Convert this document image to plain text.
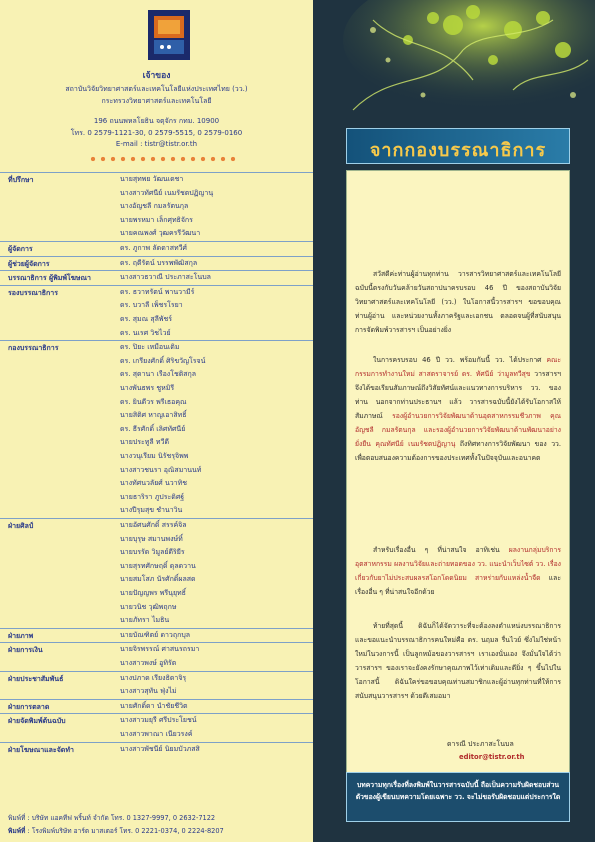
เจ้าของ
สถาบันวิจัยวิทยาศาสตร์และเทคโนโลยีแห่งประเทศไทย (วว.)
กระทรวงวิทยาศาสตร์และเทคโนโลยี
196 ถนนพหลโยธิน จตุจักร กทม. 10900
โทร. 0 2579-1121-30, 0 2579-5515, 0 2579-0160
E-mail : tistr@tistr.or.th
ที่ปรึกษา	นายสุทพย วัฒนเดชา
นางสาวทัศนีย์ เนมรัชตปฏิญานุ
นางอัญชลี กมลรัตนกุล
นายพรหมา เล็กศุทธิจักร
นายคณพงศ์ วุฒครรีวัฒนา
ผู้จัดการ	ดร. ภูกาพ ลัดดาสทวีศ์
ผู้ช่วยผู้จัดการ	ดร. ฤดีรัตน์ บรรพพัฒิสกุล
บรรณาธิการ ผู้พิมพ์โฆษณา	นางสาวธวาณี ประภาสะโนบล
รองบรรณาธิการ	ดร. ธวาทรัตน์ พานวามีร์
ดร. บวาลี เพ็ชรโรยา
ดร. สุมณ สุลีพัชร์
ดร. นเรศ วิชไวย์
กองบรรณาธิการ	ดร. ปิยะ เหมือนเติม
ดร. เกรียงศักดิ์ ศิริขวัญโรจน์
ดร. สุดานา เรืองโชติสกุล
นางพันธพร ชูหมิรี
ดร. ยินดีวร พรีเธอคุณ
นายสิติศ หาญเอาสิทธิ์
ดร. ธีรศักดิ์ เลิศทัศนีย์
นายประทูลี ทวีดี
นางวนุเรียม นิรัชรุจิพพ
นางสาวชนรา อุณิสมานนท์
นางทัศนวลัยศ์ นวาทิช
นายธาริรา ภูประดิศฐ์
นางปีรุมสุข ชำนาวิน
ฝ่ายศิลป์	นายอัศนศักดิ์ สรรค์จิล
นายบุรุษ สมานพงษ์ทิ์
นายบรรัด วิมูลย์ดีริยีร
นายสุรทศักษฤดิ์ ดุลดวาน
นายสมโสภ นัรศักดิ์ผลสด
นายปัญญพร พรีนุยุทธิ์
นายวนิช วุฒิพฤกษ
นายภัทรา ไมธิน
ฝ่ายภาพ	นายบัณฑิตย์ ดาวถุกบุล
ฝ่ายการเงิน	นายจิรพรรณ์ ศาสนรถรมา
นางสาวพงษ์ อูทิรัต
ฝ่ายประชาสัมพันธ์	นางปภาด เรียงธิดาจิรุ
นางสาวสุทัน ฟุ่งไม่
ฝ่ายการตลาด	นายศักดิ์ดา นำชัยชีวิต
ฝ่ายจัดพิมพ์ต้นฉบับ	นางสาวมยุรี ศรีประโยชน์
นางสาวพาณา เนียวรงค์
ฝ่ายโฆษณาและจัดทำ	นางสาวพัชนีย์ นิยมบัวภสสิ
พิมพ์ที่ : บริษัท แอคทีฟ พริ้นท์ จำกัด โทร. 0 1327-9997, 0 2632-7122
พิมพ์ที่ : โรงพิมพ์บริษัท อาร์ต มาสเตอร์ โทร. 0 2221-0374, 0 2224-8207
จากกองบรรณาธิการ
สวัสดีค่ะท่านผู้อ่านทุกท่าน วารสารวิทยาศาสตร์และเทคโนโลยีฉบับนี้ตรงกับวันคล้ายวันสถาปนาครบรอบ 46 ปี ของสถาบันวิจัยวิทยาศาสตร์และเทคโนโลยี (วว.) ในโอกาสนี้วารสารฯ ขอขอบคุณท่านผู้อ่าน และหน่วยงานทั้งภาครัฐและเอกชน ตลอดจนผู้ที่สนับสนุนการจัดพิมพ์วารสารฯ เป็นอย่างยิ่ง
ในการครบรอบ 46 ปี วว. พร้อมกันนี้ วว. ได้ประกาศ คณะกรรมการทำงานใหม่ สาสตราจารย์ ดร. ทัศนีย์ ว่ามูลทวีสุข วารสารฯ จึงได้ขอเรียนสัมภาษณ์ถึงวิสัยทัศน์และแนวทางการบริหาร วว. ของท่าน นอกจากท่านประธานฯ แล้ว วารสารฉบับนี้ยังได้รับโอกาสให้สัมภาษณ์ รองผู้อำนวยการวิจัยพัฒนาด้านอุตสาหกรรมชีวภาพ คุณอัญชลี กมลรัตนกุล และรองผู้อำนวยการวิจัยพัฒนาด้านพัฒนาอย่างยั่งยืน คุณทัศนีย์ เนมรัชตปฏิญานุ ถึงทิศทางการวิจัยพัฒนา ของ วว. เพื่อตอบสนองความต้องการของประเทศทั้งในปัจจุบันและอนาคต
สำหรับเรื่องอื่น ๆ ที่น่าสนใจ อาทิเช่น ผลงานกลุ่มบริการอุตสาหกรรม ผลงานวิจัยและถ่ายทอดของ วว. แนะนำเว็บไซต์ วว. เรื่องเกี่ยวกับยาไม่ประสบผลรสโอกโดดนิยม สาหร่ายกับแหล่งน้ำจืด และเรื่องอื่น ๆ ที่น่าสนใจอีกด้วย
ท้ายที่สุดนี้ ดิฉันก็ได้จัดวาระที่จะต้องลงตำแหน่งบรรณาธิการ และขอแนะนำบรรณาธิการคนใหม่คือ ดร. นฤมล รื่นไวย์ ซึ่งไม่ใช่หน้าใหม่ในวงการนี้ เป็นลูกหม้อของวารสารฯ เราเองนั่นเอง จึงมั่นใจได้ว่าวารสารฯ ของเราจะยังคงรักษาคุณภาพไว้เท่าเดิมและดียิ่ง ๆ ขึ้นไปในโอกาสนี้ ดิฉันใคร่ขอขอบคุณท่านสมาชิกและผู้อ่านทุกท่านที่ให้การสนับสนุนวารสารฯ ด้วยดีเสมอมา
ดารณี ประภาสะโนบล
editor@tistr.or.th
บทความทุกเรื่องที่ลงพิมพ์ในวารสารฉบับนี้ ถือเป็นความรับผิดชอบส่วนตัวของผู้เขียนบทความโดยเฉพาะ วว. จะไม่ขอรับผิดชอบแต่ประการใด
